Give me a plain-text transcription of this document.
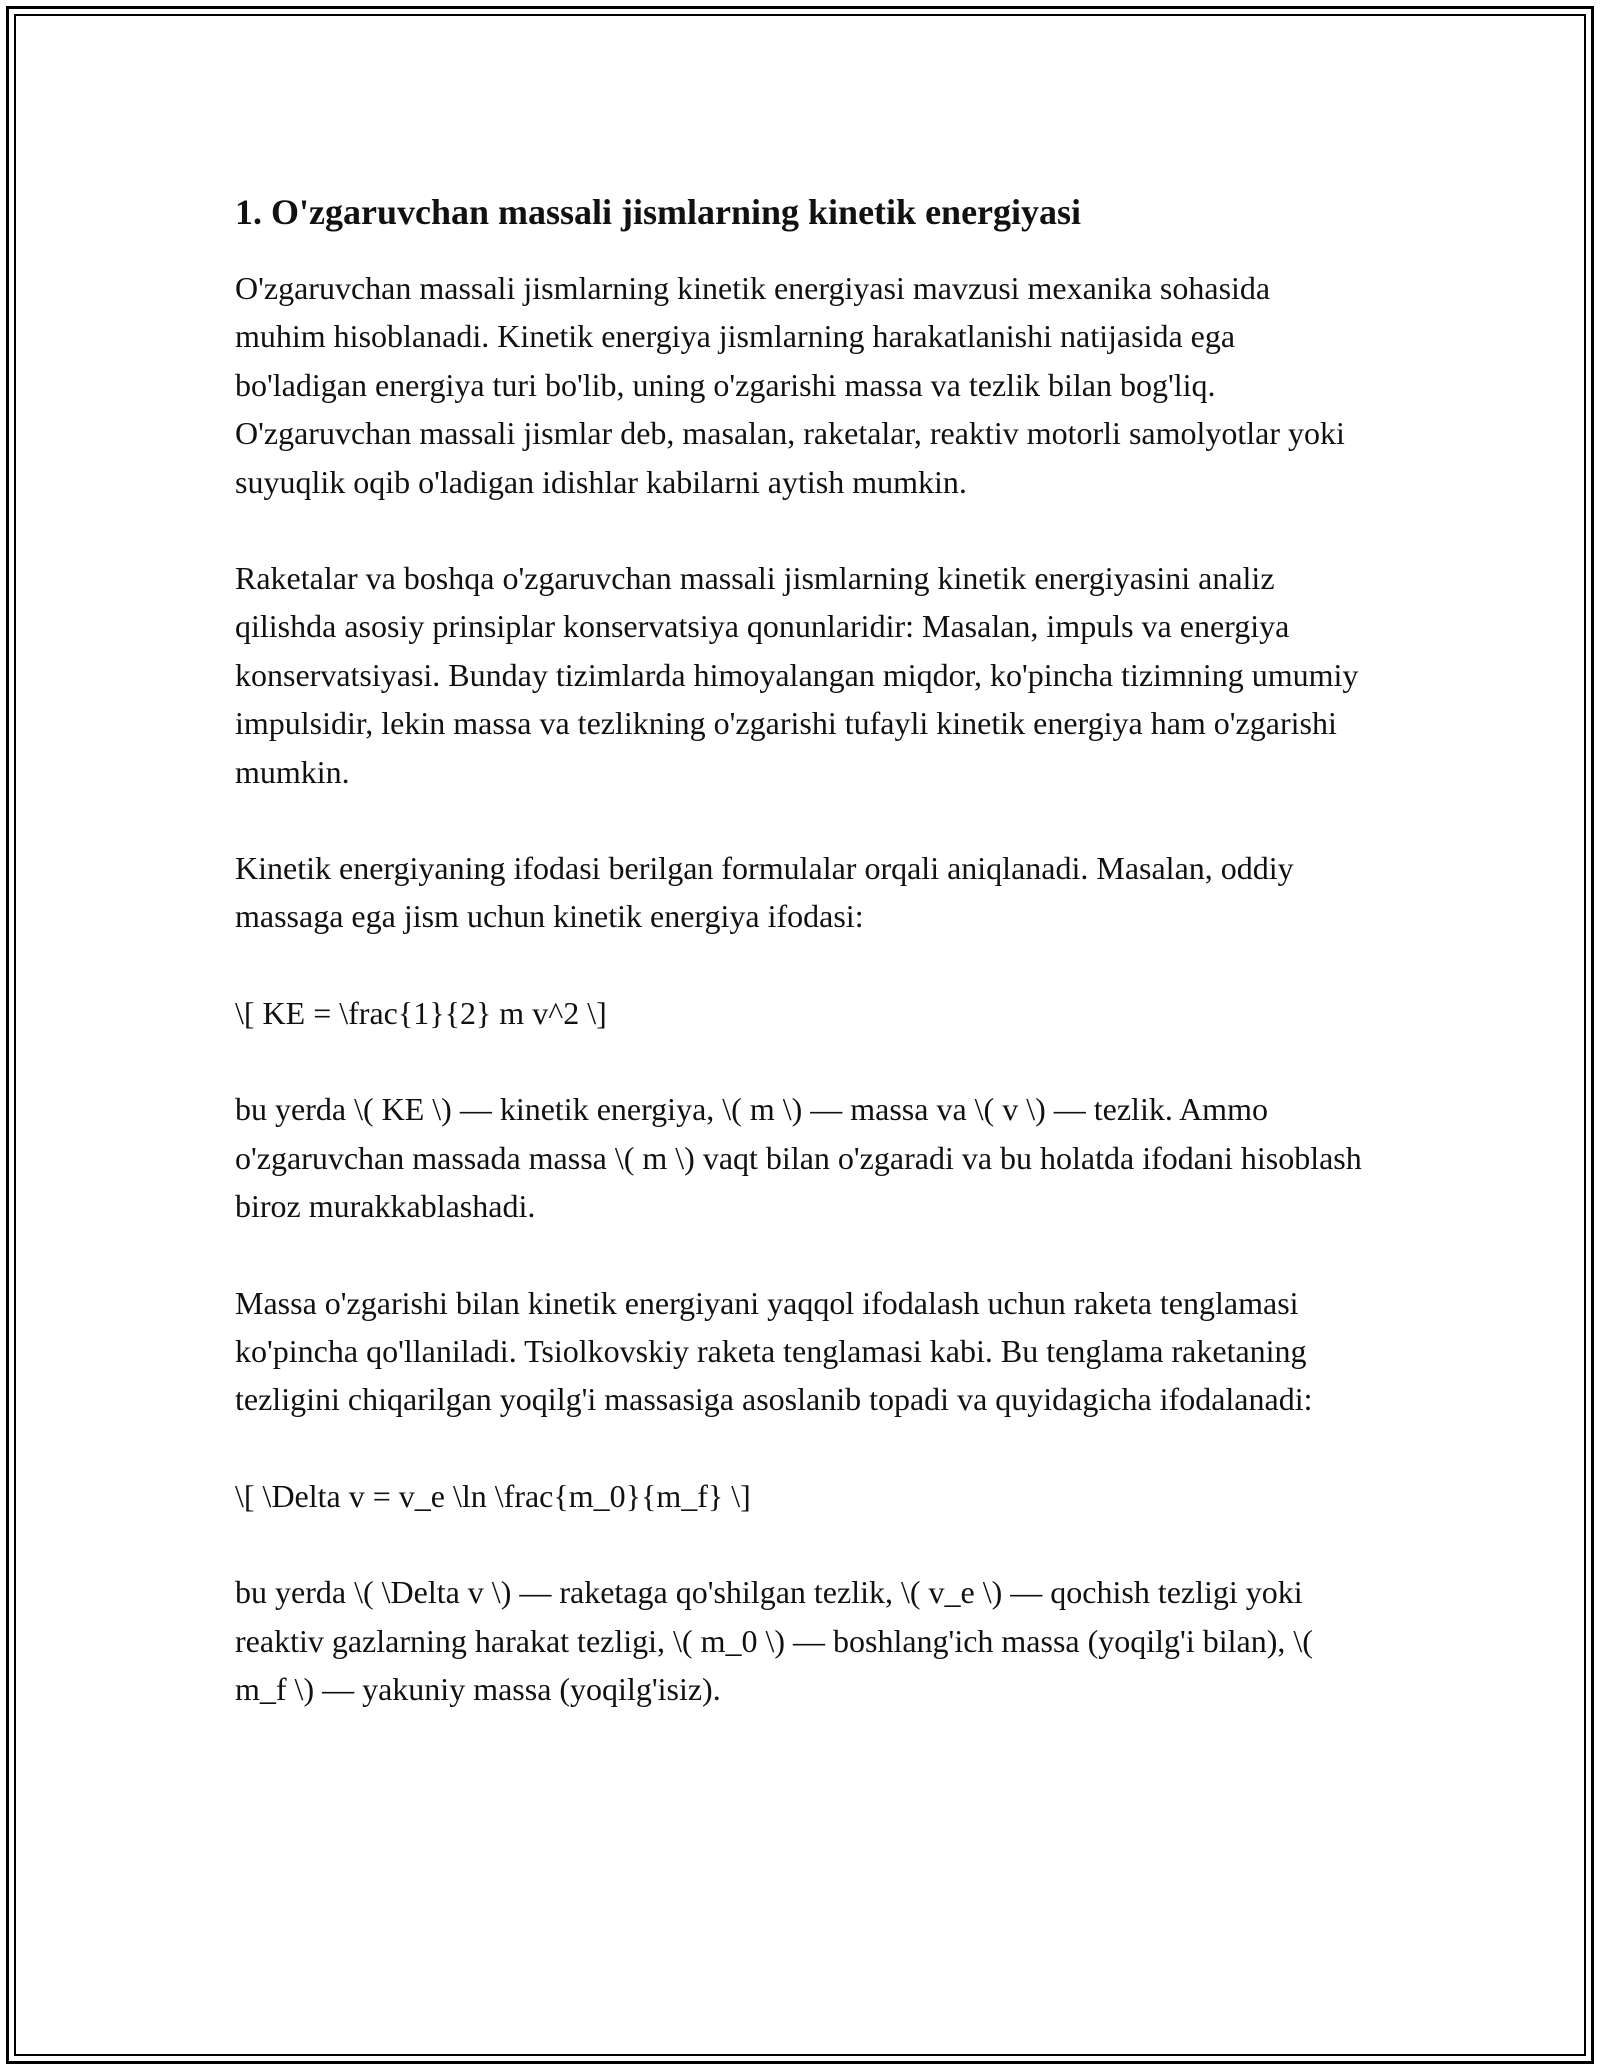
1. O'zgaruvchan massali jismlarning kinetik energiyasi

O'zgaruvchan massali jismlarning kinetik energiyasi mavzusi mexanika sohasida muhim hisoblanadi. Kinetik energiya jismlarning harakatlanishi natijasida ega bo'ladigan energiya turi bo'lib, uning o'zgarishi massa va tezlik bilan bog'liq. O'zgaruvchan massali jismlar deb, masalan, raketalar, reaktiv motorli samolyotlar yoki suyuqlik oqib o'ladigan idishlar kabilarni aytish mumkin.

Raketalar va boshqa o'zgaruvchan massali jismlarning kinetik energiyasini analiz qilishda asosiy prinsiplar konservatsiya qonunlaridir: Masalan, impuls va energiya konservatsiyasi. Bunday tizimlarda himoyalangan miqdor, ko'pincha tizimning umumiy impulsidir, lekin massa va tezlikning o'zgarishi tufayli kinetik energiya ham o'zgarishi mumkin.

Kinetik energiyaning ifodasi berilgan formulalar orqali aniqlanadi. Masalan, oddiy massaga ega jism uchun kinetik energiya ifodasi:

\[ KE = \frac{1}{2} m v^2 \]

bu yerda \( KE \) — kinetik energiya, \( m \) — massa va \( v \) — tezlik. Ammo o'zgaruvchan massada massa \( m \) vaqt bilan o'zgaradi va bu holatda ifodani hisoblash biroz murakkablashadi.

Massa o'zgarishi bilan kinetik energiyani yaqqol ifodalash uchun raketa tenglamasi ko'pincha qo'llaniladi. Tsiolkovskiy raketa tenglamasi kabi. Bu tenglama raketaning tezligini chiqarilgan yoqilg'i massasiga asoslanib topadi va quyidagicha ifodalanadi:

\[ \Delta v = v_e \ln \frac{m_0}{m_f} \]

bu yerda \( \Delta v \) — raketaga qo'shilgan tezlik, \( v_e \) — qochish tezligi yoki reaktiv gazlarning harakat tezligi, \( m_0 \) — boshlang'ich massa (yoqilg'i bilan), \( m_f \) — yakuniy massa (yoqilg'isiz).
